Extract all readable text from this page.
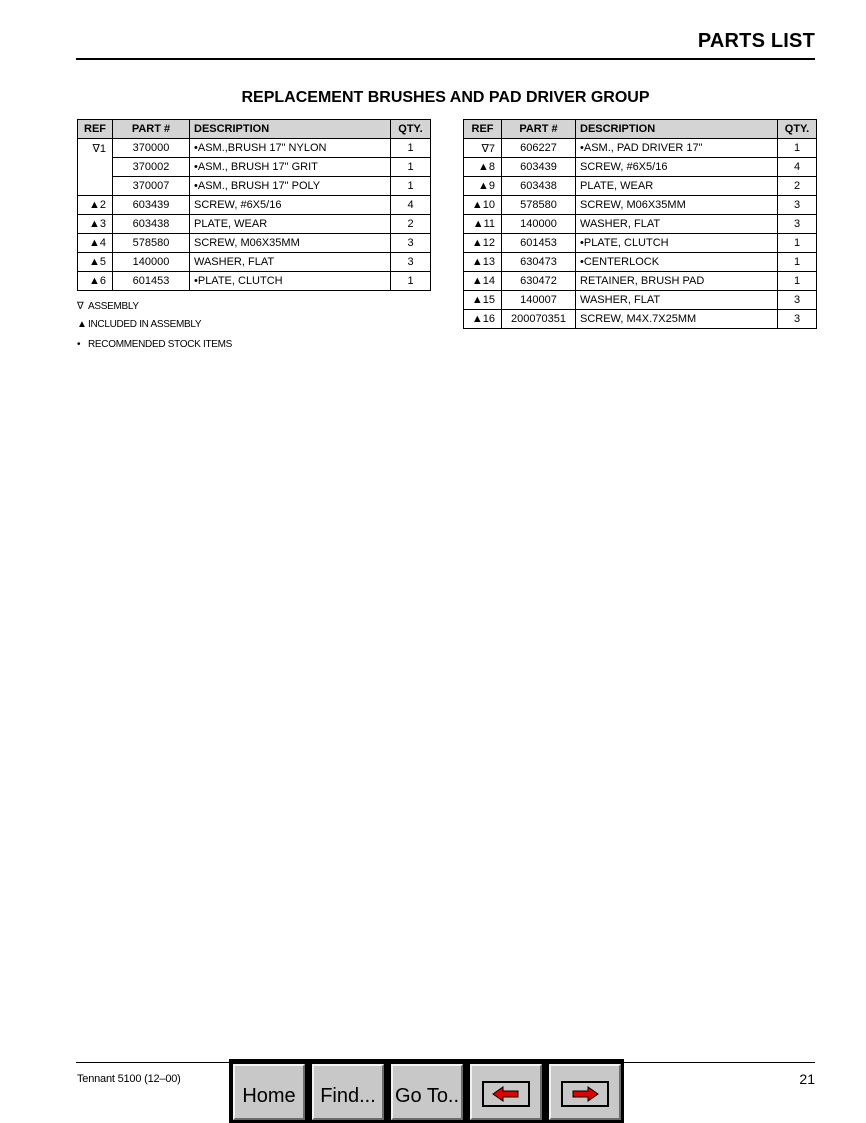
PARTS LIST
REPLACEMENT BRUSHES AND PAD DRIVER GROUP
REF	PART #	DESCRIPTION	QTY.
∇1	370000	•ASM.,BRUSH 17" NYLON	1
	370002	•ASM., BRUSH 17" GRIT	1
	370007	•ASM., BRUSH 17" POLY	1
▲2	603439	SCREW, #6X5/16	4
▲3	603438	PLATE, WEAR	2
▲4	578580	SCREW, M06X35MM	3
▲5	140000	WASHER, FLAT	3
▲6	601453	•PLATE, CLUTCH	1
REF	PART #	DESCRIPTION	QTY.
∇7	606227	•ASM., PAD DRIVER 17"	1
▲8	603439	SCREW, #6X5/16	4
▲9	603438	PLATE, WEAR	2
▲10	578580	SCREW, M06X35MM	3
▲11	140000	WASHER, FLAT	3
▲12	601453	•PLATE, CLUTCH	1
▲13	630473	•CENTERLOCK	1
▲14	630472	RETAINER, BRUSH PAD	1
▲15	140007	WASHER, FLAT	3
▲16	200070351	SCREW, M4X.7X25MM	3
∇ ASSEMBLY
▲INCLUDED IN ASSEMBLY
• RECOMMENDED STOCK ITEMS
Tennant 5100 (12–00)	21
Home Find... Go To..
